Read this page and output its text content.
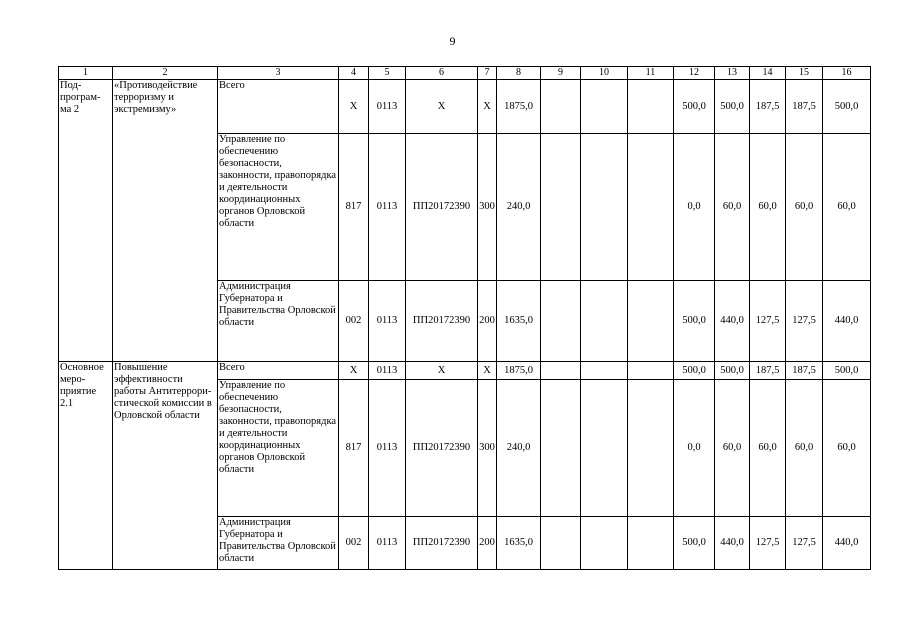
9
1	2	3	4	5	6	7	8	9	10	11	12	13	14	15	16
Под-
програм-
ма 2	«Противодействие терроризму и экстремизму»	Всего	Х	0113	Х	Х	1875,0				500,0	500,0	187,5	187,5	500,0
		Управление по обеспечению безопасности, законности, правопорядка и деятельности координационных органов Орловской области	817	0113	ПП20172390	300	240,0				0,0	60,0	60,0	60,0	60,0
		Администрация Губернатора и Правительства Орловской области	002	0113	ПП20172390	200	1635,0				500,0	440,0	127,5	127,5	440,0
Основное
меро-
приятие
2.1	Повышение эффективности работы Антитеррори-стической комиссии в Орловской области	Всего	Х	0113	Х	Х	1875,0				500,0	500,0	187,5	187,5	500,0
		Управление по обеспечению безопасности, законности, правопорядка и деятельности координационных органов Орловской области	817	0113	ПП20172390	300	240,0				0,0	60,0	60,0	60,0	60,0
		Администрация Губернатора и Правительства Орловской области	002	0113	ПП20172390	200	1635,0				500,0	440,0	127,5	127,5	440,0
